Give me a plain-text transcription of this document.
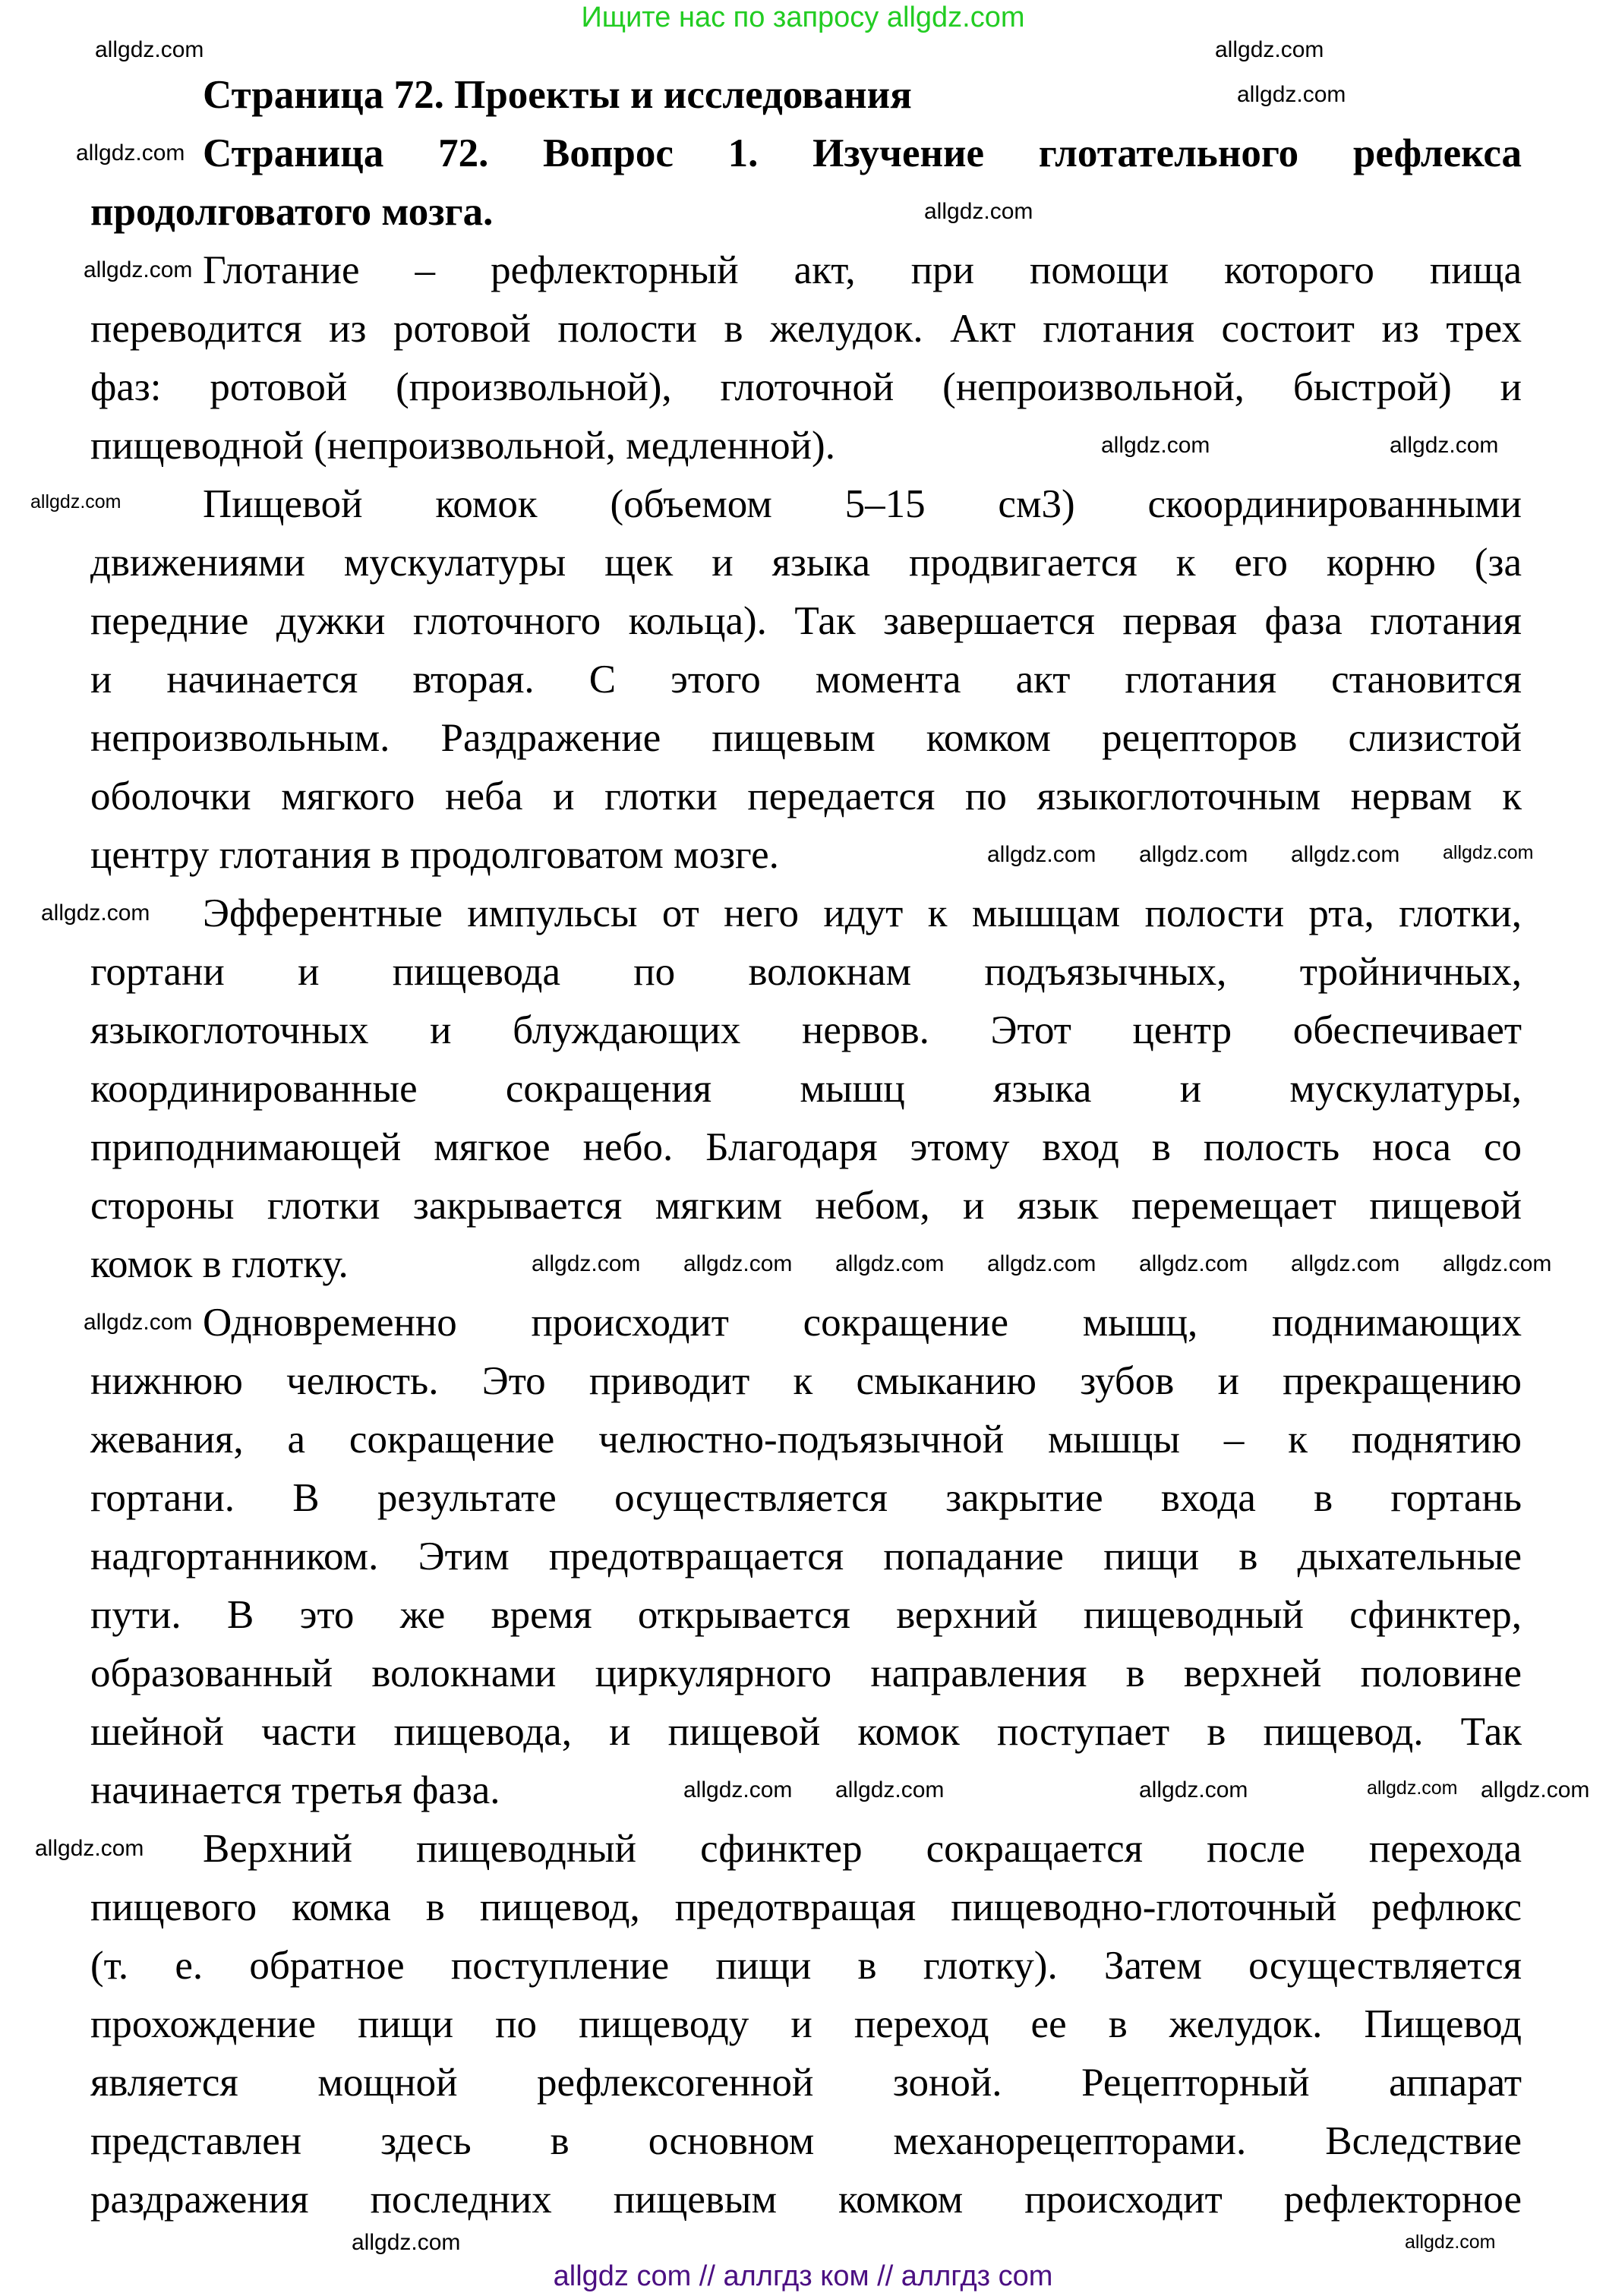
Ищите нас по запросу allgdz.com
Страница 72. Проекты и исследования
Страница 72. Вопрос 1. Изучение глотательного рефлекса
продолговатого мозга.
Глотание – рефлекторный акт, при помощи которого пища
переводится из ротовой полости в желудок. Акт глотания состоит из трех
фаз: ротовой (произвольной), глоточной (непроизвольной, быстрой) и
пищеводной (непроизвольной, медленной).
Пищевой комок (объемом 5–15 см3) скоординированными
движениями мускулатуры щек и языка продвигается к его корню (за
передние дужки глоточного кольца). Так завершается первая фаза глотания
и начинается вторая. С этого момента акт глотания становится
непроизвольным. Раздражение пищевым комком рецепторов слизистой
оболочки мягкого неба и глотки передается по языкоглоточным нервам к
центру глотания в продолговатом мозге.
Эфферентные импульсы от него идут к мышцам полости рта, глотки,
гортани и пищевода по волокнам подъязычных, тройничных,
языкоглоточных и блуждающих нервов. Этот центр обеспечивает
координированные сокращения мышц языка и мускулатуры,
приподнимающей мягкое небо. Благодаря этому вход в полость носа со
стороны глотки закрывается мягким небом, и язык перемещает пищевой
комок в глотку.
Одновременно происходит сокращение мышц, поднимающих
нижнюю челюсть. Это приводит к смыканию зубов и прекращению
жевания, а сокращение челюстно-подъязычной мышцы – к поднятию
гортани. В результате осуществляется закрытие входа в гортань
надгортанником. Этим предотвращается попадание пищи в дыхательные
пути. В это же время открывается верхний пищеводный сфинктер,
образованный волокнами циркулярного направления в верхней половине
шейной части пищевода, и пищевой комок поступает в пищевод. Так
начинается третья фаза.
Верхний пищеводный сфинктер сокращается после перехода
пищевого комка в пищевод, предотвращая пищеводно-глоточный рефлюкс
(т. е. обратное поступление пищи в глотку). Затем осуществляется
прохождение пищи по пищеводу и переход ее в желудок. Пищевод
является мощной рефлексогенной зоной. Рецепторный аппарат
представлен здесь в основном механорецепторами. Вследствие
раздражения последних пищевым комком происходит рефлекторное
allgdz.com
allgdz.com
allgdz.com
allgdz.com
allgdz.com
allgdz.com
allgdz.com
allgdz.com
allgdz.com allgdz.com	allgdz.com
allgdz.com
allgdz.com
allgdz.com
allgdz.com	allgdz.com
allgdz.com allgdz.com
allgdz.com
allgdz.com
allgdz.com	allgdz.com
allgdz.com	allgdz.com
allgdz.com
allgdz.com	allgdz.com
allgdz.com
allgdz.com
allgdz.com
allgdz com // аллгдз ком // аллгдз com
